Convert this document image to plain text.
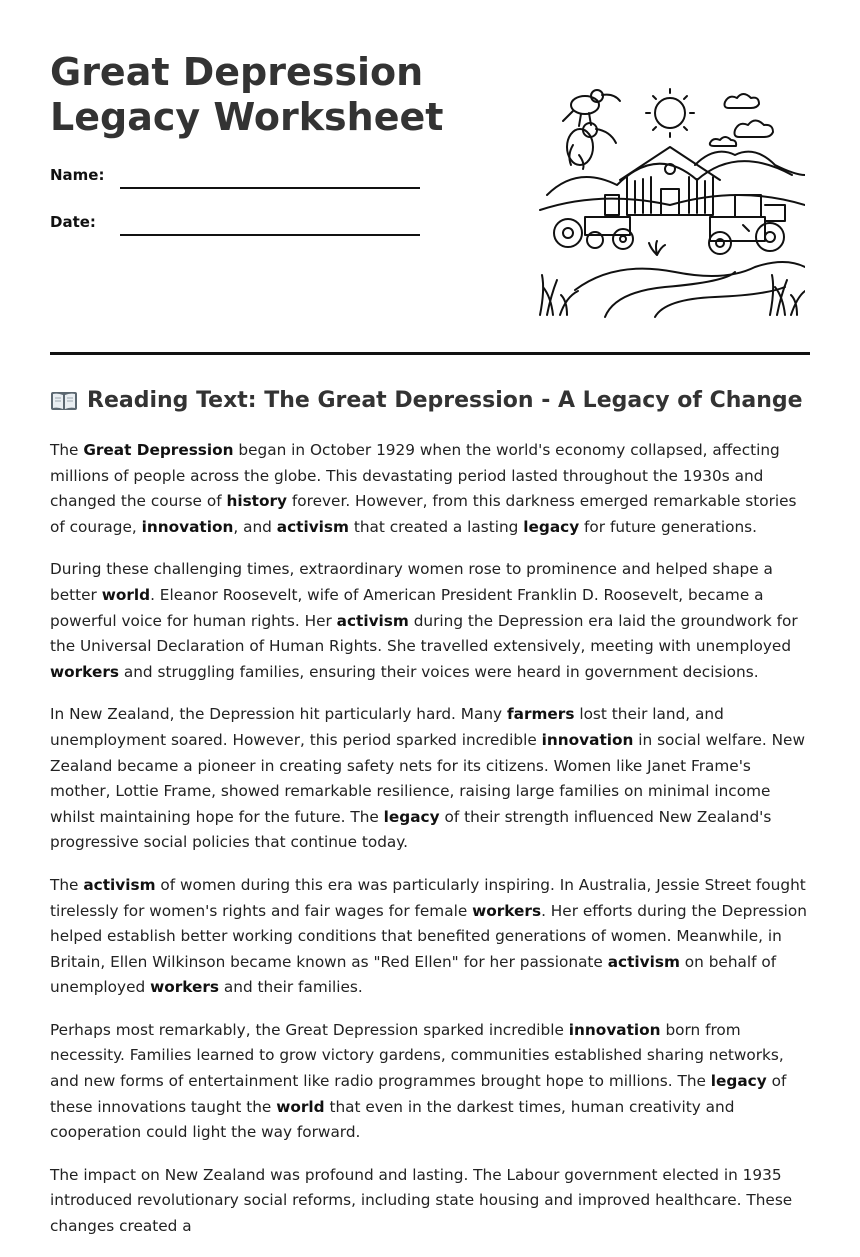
Great Depression Legacy Worksheet
Name:
Date:
Reading Text: The Great Depression - A Legacy of Change

The Great Depression began in October 1929 when the world's economy collapsed, affecting millions of people across the globe. This devastating period lasted throughout the 1930s and changed the course of history forever. However, from this darkness emerged remarkable stories of courage, innovation, and activism that created a lasting legacy for future generations.

During these challenging times, extraordinary women rose to prominence and helped shape a better world. Eleanor Roosevelt, wife of American President Franklin D. Roosevelt, became a powerful voice for human rights. Her activism during the Depression era laid the groundwork for the Universal Declaration of Human Rights. She travelled extensively, meeting with unemployed workers and struggling families, ensuring their voices were heard in government decisions.

In New Zealand, the Depression hit particularly hard. Many farmers lost their land, and unemployment soared. However, this period sparked incredible innovation in social welfare. New Zealand became a pioneer in creating safety nets for its citizens. Women like Janet Frame's mother, Lottie Frame, showed remarkable resilience, raising large families on minimal income whilst maintaining hope for the future. The legacy of their strength influenced New Zealand's progressive social policies that continue today.

The activism of women during this era was particularly inspiring. In Australia, Jessie Street fought tirelessly for women's rights and fair wages for female workers. Her efforts during the Depression helped establish better working conditions that benefited generations of women. Meanwhile, in Britain, Ellen Wilkinson became known as "Red Ellen" for her passionate activism on behalf of unemployed workers and their families.

Perhaps most remarkably, the Great Depression sparked incredible innovation born from necessity. Families learned to grow victory gardens, communities established sharing networks, and new forms of entertainment like radio programmes brought hope to millions. The legacy of these innovations taught the world that even in the darkest times, human creativity and cooperation could light the way forward.

The impact on New Zealand was profound and lasting. The Labour government elected in 1935 introduced revolutionary social reforms, including state housing and improved healthcare. These changes created a
